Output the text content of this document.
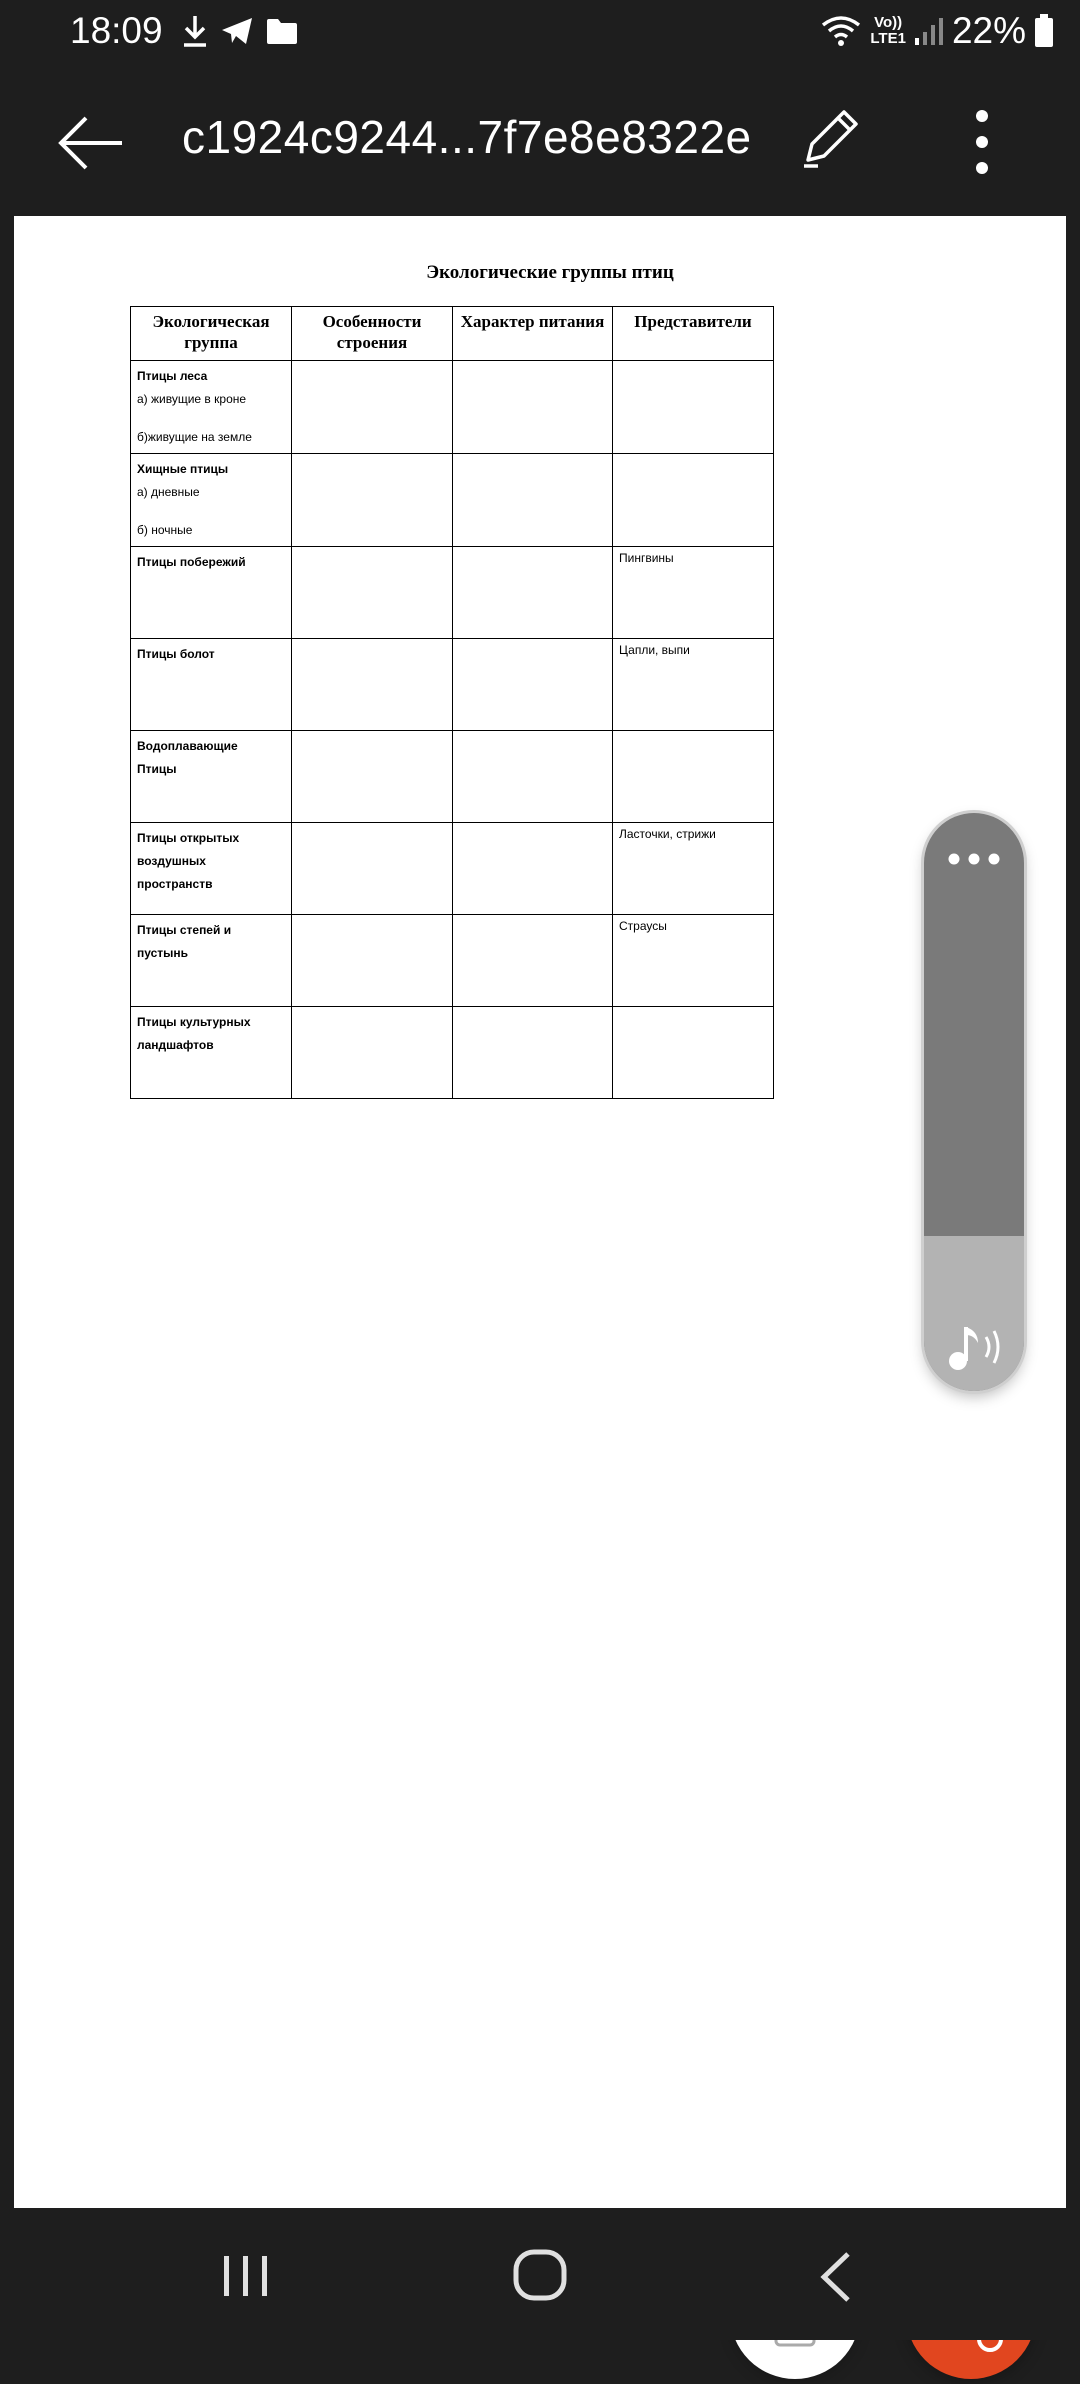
18:09	Vo))
LTE1 22%
c1924c9244...7f7e8e8322e
Экологические группы птиц
Экологическая группа	Особенности строения	Характер питания	Представители

Птицы леса
а) живущие в кроне
б)живущие на земле			

Хищные птицы
а) дневные
б) ночные			

Птицы побережий			Пингвины

Птицы болот			Цапли, выпи

Водоплавающие Птицы			

Птицы открытых воздушных пространств			Ласточки, стрижи

Птицы степей и пустынь			Страусы

Птицы культурных ландшафтов			
